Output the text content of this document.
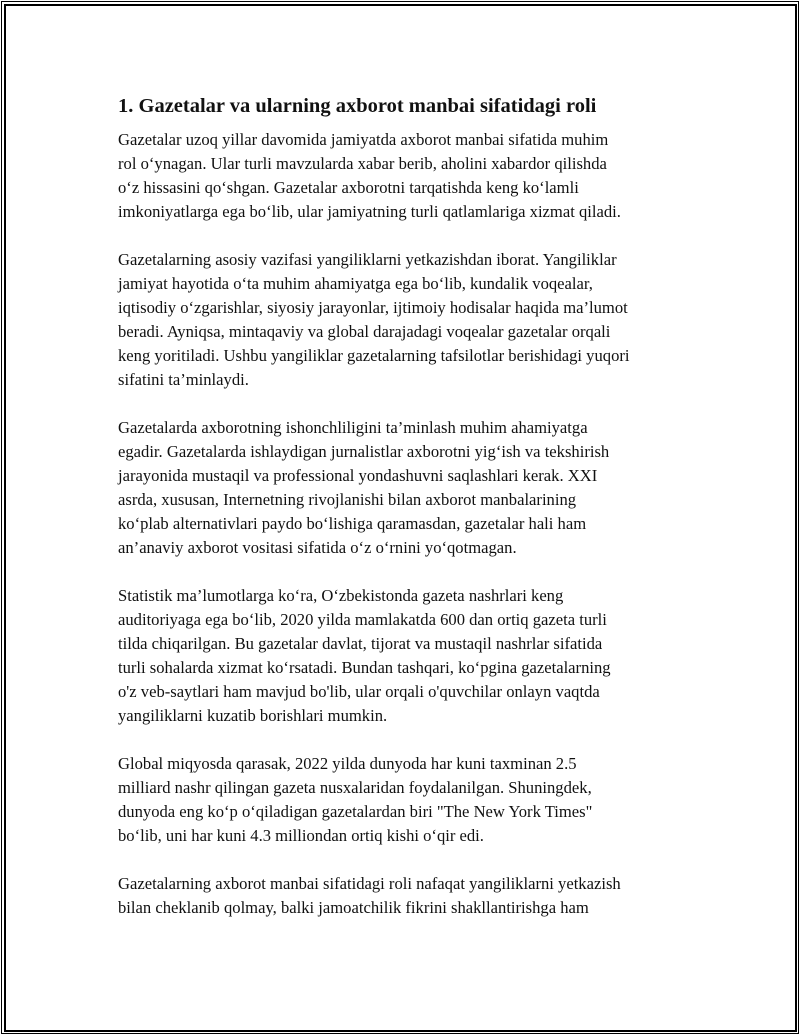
1. Gazetalar va ularning axborot manbai sifatidagi roli

Gazetalar uzoq yillar davomida jamiyatda axborot manbai sifatida muhim
rol o‘ynagan. Ular turli mavzularda xabar berib, aholini xabardor qilishda
o‘z hissasini qo‘shgan. Gazetalar axborotni tarqatishda keng ko‘lamli
imkoniyatlarga ega bo‘lib, ular jamiyatning turli qatlamlariga xizmat qiladi.

Gazetalarning asosiy vazifasi yangiliklarni yetkazishdan iborat. Yangiliklar
jamiyat hayotida o‘ta muhim ahamiyatga ega bo‘lib, kundalik voqealar,
iqtisodiy o‘zgarishlar, siyosiy jarayonlar, ijtimoiy hodisalar haqida ma’lumot
beradi. Ayniqsa, mintaqaviy va global darajadagi voqealar gazetalar orqali
keng yoritiladi. Ushbu yangiliklar gazetalarning tafsilotlar berishidagi yuqori
sifatini ta’minlaydi.

Gazetalarda axborotning ishonchliligini ta’minlash muhim ahamiyatga
egadir. Gazetalarda ishlaydigan jurnalistlar axborotni yig‘ish va tekshirish
jarayonida mustaqil va professional yondashuvni saqlashlari kerak. XXI
asrda, xususan, Internetning rivojlanishi bilan axborot manbalarining
ko‘plab alternativlari paydo bo‘lishiga qaramasdan, gazetalar hali ham
an’anaviy axborot vositasi sifatida o‘z o‘rnini yo‘qotmagan.

Statistik ma’lumotlarga ko‘ra, O‘zbekistonda gazeta nashrlari keng
auditoriyaga ega bo‘lib, 2020 yilda mamlakatda 600 dan ortiq gazeta turli
tilda chiqarilgan. Bu gazetalar davlat, tijorat va mustaqil nashrlar sifatida
turli sohalarda xizmat ko‘rsatadi. Bundan tashqari, ko‘pgina gazetalarning
o'z veb-saytlari ham mavjud bo'lib, ular orqali o'quvchilar onlayn vaqtda
yangiliklarni kuzatib borishlari mumkin.

Global miqyosda qarasak, 2022 yilda dunyoda har kuni taxminan 2.5
milliard nashr qilingan gazeta nusxalaridan foydalanilgan. Shuningdek,
dunyoda eng ko‘p o‘qiladigan gazetalardan biri "The New York Times"
bo‘lib, uni har kuni 4.3 milliondan ortiq kishi o‘qir edi.

Gazetalarning axborot manbai sifatidagi roli nafaqat yangiliklarni yetkazish
bilan cheklanib qolmay, balki jamoatchilik fikrini shakllantirishga ham
